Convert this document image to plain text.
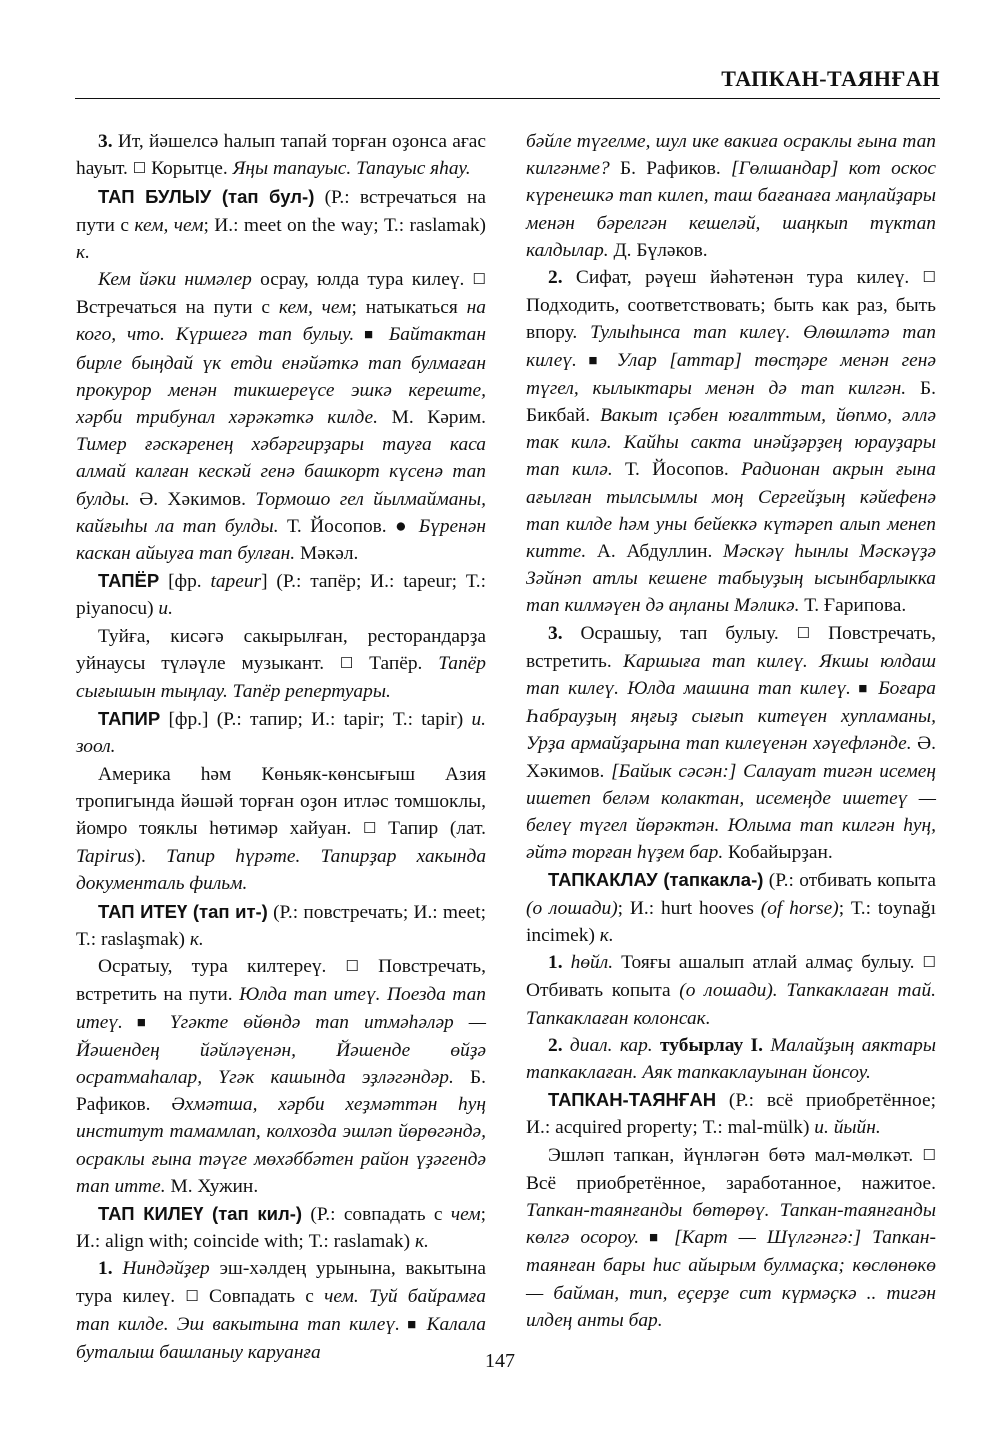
ТАПКАН-ТАЯНҒАН

3. Ит, йәшелсә һалып тапай торған оҙонса ағас һауыт. ☐ Корытце. Яңы тапауыс. Тапауыс яһау.

ТАП БУЛЫУ (тап бул-) (Р.: встречаться на пути с кем, чем; И.: meet on the way; Т.: raslamak) к.

Кем йәки нимәлер осрау, юлда тура килеү. ☐ Встречаться на пути с кем, чем; натыкаться на кого, что. Күршегә тап булыу. ■ Байтактан бирле быңдай үк етди енәйәткә тап булмаған прокурор менән тикшереүсе эшкә кереште, хәрби трибунал хәрәкәткә килде. М. Кәрим. Тимер ғәскәренең хәбәргирҙары тауға каса алмай калған кескәй генә башкорт күсенә тап булды. Ә. Хәкимов. Тормошо гел йылмайманы, кайғыһы ла тап булды. Т. Йосопов. ● Бүренән каскан айыуға тап булған. Мәкәл.

ТАПЁР [фр. tapeur] (Р.: тапёр; И.: tapeur; Т.: piyanocu) и.

Туйға, кисәгә сакырылған, ресторандарҙа уйнаусы түләүле музыкант. ☐ Тапёр. Тапёр сығышын тыңлау. Тапёр репертуары.

ТАПИР [фр.] (Р.: тапир; И.: tapir; Т.: tapir) и. зоол.

Америка һәм Көньяк-көнсығыш Азия тропигында йәшәй торған оҙон итләс томшоклы, йомро тояклы һөтимәр хайуан. ☐ Тапир (лат. Tapirus). Тапир һүрәте. Тапирҙар хакында документаль фильм.

ТАП ИТЕҮ (тап ит-) (Р.: повстречать; И.: meet; Т.: raslaşmak) к.

Осратыу, тура килтереү. ☐ Повстречать, встретить на пути. Юлда тап итеү. Поезда тап итеү. ■ Үгәкте өйөндә тап итмәһәләр — Йәшендең йәйләүенән, Йәшенде өйҙә осратмаһалар, Үгәк кашында эҙләгәндәр. Б. Рафиков. Әхмәтша, хәрби хеҙмәттән һуң институт тамамлап, колхозда эшләп йөрөгәндә, осраклы ғына тәүге мөхәббәтен район үҙәгендә тап итте. М. Хужин.

ТАП КИЛЕҮ (тап кил-) (Р.: совпадать с чем; И.: align with; coincide with; Т.: raslamak) к.

1. Ниндәйҙер эш-хәлдең урынына, вакытына тура килеү. ☐ Совпадать с чем. Туй байрамға тап килде. Эш вакытына тап килеү. ■ Калала буталыш башланыу каруанға

бәйле түгелме, шул ике вакиға осраклы ғына тап килгәнме? Б. Рафиков. [Гөлшандар] кот оскос күренешкә тап килеп, таш бағанаға маңлайҙары менән бәрелгән кешеләй, шаңкып түктап калдылар. Д. Бүләков.

2. Сифат, рәүеш йәһәтенән тура килеү. ☐ Подходить, соответствовать; быть как раз, быть впору. Тулыһынса тап килеү. Өлөшләтә тап килеү. ■ Улар [аттар] төсҭәре менән генә түгел, кылыктары менән дә тап килгән. Б. Бикбай. Вакыт ıҫәбен юғалттым, йөпмо, әллә так килә. Кайһы сакта инәйҙәрҙең юрауҙары тап килә. Т. Йосопов. Радионан акрын ғына ағылған тылсымлы моң Сергейҙың кәйефенә тап килде һәм уны бейеккә күтәреп алып менеп китте. А. Абдуллин. Мәскәү һынлы Мәскәүҙә Зәйнәп атлы кешене табыуҙың ысынбарлыкка тап килмәүен дә аңланы Мәликә. Т. Ғарипова.

3. Осрашыу, тап булыу. ☐ Повстречать, встретить. Каршыға тап килеү. Якшы юлдаш тап килеү. Юлда машина тап килеү. ■ Боғара Һабрауҙың яңғыҙ сығып китеүен хупламаны, Урҙа армайҙарына тап килеүенән хәүефләнде. Ә. Хәкимов. [Байык сәсән:] Салауат тигән исемең ишетеп беләм колактан, исемеңде ишетеү — белеү түгел йөрәктән. Юлыма тап килгән һуң, әйтә торған һүҙем бар. Кобайырҙан.

ТАПКАКЛАУ (тапкакла-) (Р.: отбивать копыта (о лошади); И.: hurt hooves (of horse); Т.: toynağı incimek) к.

1. һөйл. Тояғы ашалып атлай алмаҫ булыу. ☐ Отбивать копыта (о лошади). Тапкаклаған тай. Тапкаклаған колонсак.

2. диал. кар. тубырлау I. Малайҙың аяктары тапкаклаған. Аяк тапкаклауынан йонсоу.

ТАПКАН-ТАЯНҒАН (Р.: всё приобретённое; И.: acquired property; Т.: mal-mülk) и. йыйн.

Эшләп тапкан, йүнләгән бөтә мал-мөлкәт. ☐ Всё приобретённое, заработанное, нажитое. Тапкан-таянғанды бөтөрөү. Тапкан-таянғанды көлгә осороу. ■ [Карт — Шүлгәнгә:] Тапкан-таянған бары һис айырым булмаҫка; көслөнөкө — байман, тип, еҫерҙе сит күрмәҫкә .. тигән илдең анты бар.

147
